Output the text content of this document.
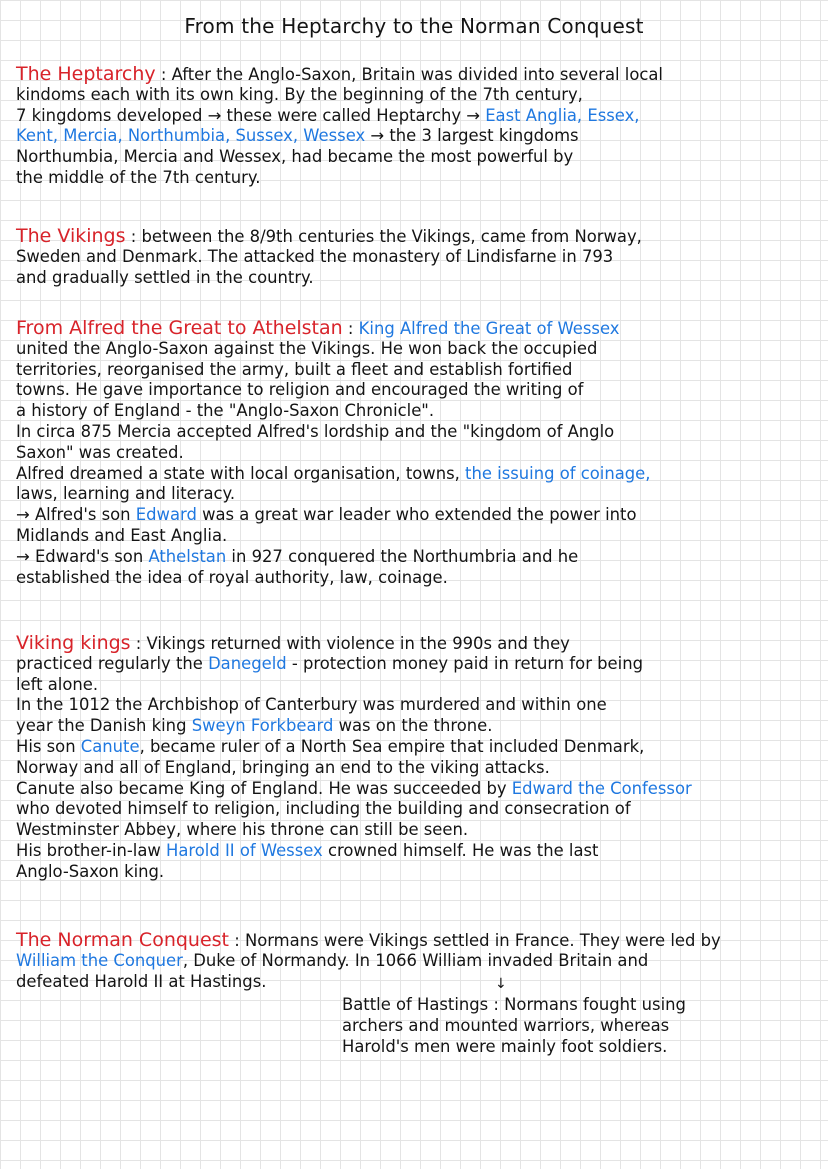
From the Heptarchy to the Norman Conquest
The Heptarchy : After the Anglo-Saxon, Britain was divided into several local
kindoms each with its own king. By the beginning of the 7th century,
7 kingdoms developed → these were called Heptarchy → East Anglia, Essex,
Kent, Mercia, Northumbia, Sussex, Wessex → the 3 largest kingdoms
Northumbia, Mercia and Wessex, had became the most powerful by
the middle of the 7th century.
The Vikings : between the 8/9th centuries the Vikings, came from Norway,
Sweden and Denmark. The attacked the monastery of Lindisfarne in 793
and gradually settled in the country.
From Alfred the Great to Athelstan : King Alfred the Great of Wessex
united the Anglo-Saxon against the Vikings. He won back the occupied
territories, reorganised the army, built a fleet and establish fortified
towns. He gave importance to religion and encouraged the writing of
a history of England - the "Anglo-Saxon Chronicle".
In circa 875 Mercia accepted Alfred's lordship and the "kingdom of Anglo
Saxon" was created.
Alfred dreamed a state with local organisation, towns, the issuing of coinage,
laws, learning and literacy.
→ Alfred's son Edward was a great war leader who extended the power into
Midlands and East Anglia.
→ Edward's son Athelstan in 927 conquered the Northumbria and he
established the idea of royal authority, law, coinage.
Viking kings : Vikings returned with violence in the 990s and they
practiced regularly the Danegeld - protection money paid in return for being
left alone.
In the 1012 the Archbishop of Canterbury was murdered and within one
year the Danish king Sweyn Forkbeard was on the throne.
His son Canute, became ruler of a North Sea empire that included Denmark,
Norway and all of England, bringing an end to the viking attacks.
Canute also became King of England. He was succeeded by Edward the Confessor
who devoted himself to religion, including the building and consecration of
Westminster Abbey, where his throne can still be seen.
His brother-in-law Harold II of Wessex crowned himself. He was the last
Anglo-Saxon king.
The Norman Conquest : Normans were Vikings settled in France. They were led by
William the Conquer, Duke of Normandy. In 1066 William invaded Britain and
defeated Harold II at Hastings.	↓
Battle of Hastings : Normans fought using
archers and mounted warriors, whereas
Harold's men were mainly foot soldiers.
